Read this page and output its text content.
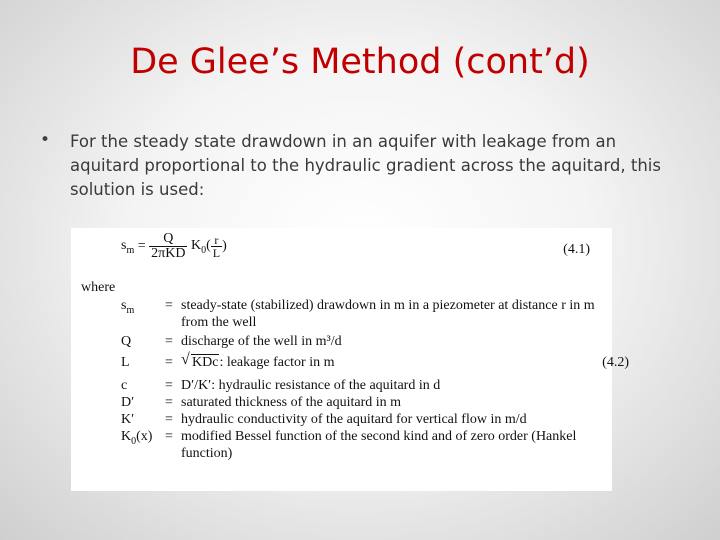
De Glee’s Method (cont’d)
• For the steady state drawdown in an aquifer with leakage from an aquitard proportional to the hydraulic gradient across the aquitard, this solution is used:
$s_m = \frac{Q}{\text{2πKD}} K_0( \frac{r}{L}$ )	(4.1)
where
$s_m$	= steady-state (stabilized) drawdown in m in a piezometer at distance r in m from the well
Q	= discharge of the well in m³/d
L	= √ KDc: leakage factor in m	(4.2)
c	= D′/K′: hydraulic resistance of the aquitard in d
D′	= saturated thickness of the aquitard in m
K′	= hydraulic conductivity of the aquitard for vertical flow in m/d
$K_0(x)$ = modified Bessel function of the second kind and of zero order (Hankel function)
